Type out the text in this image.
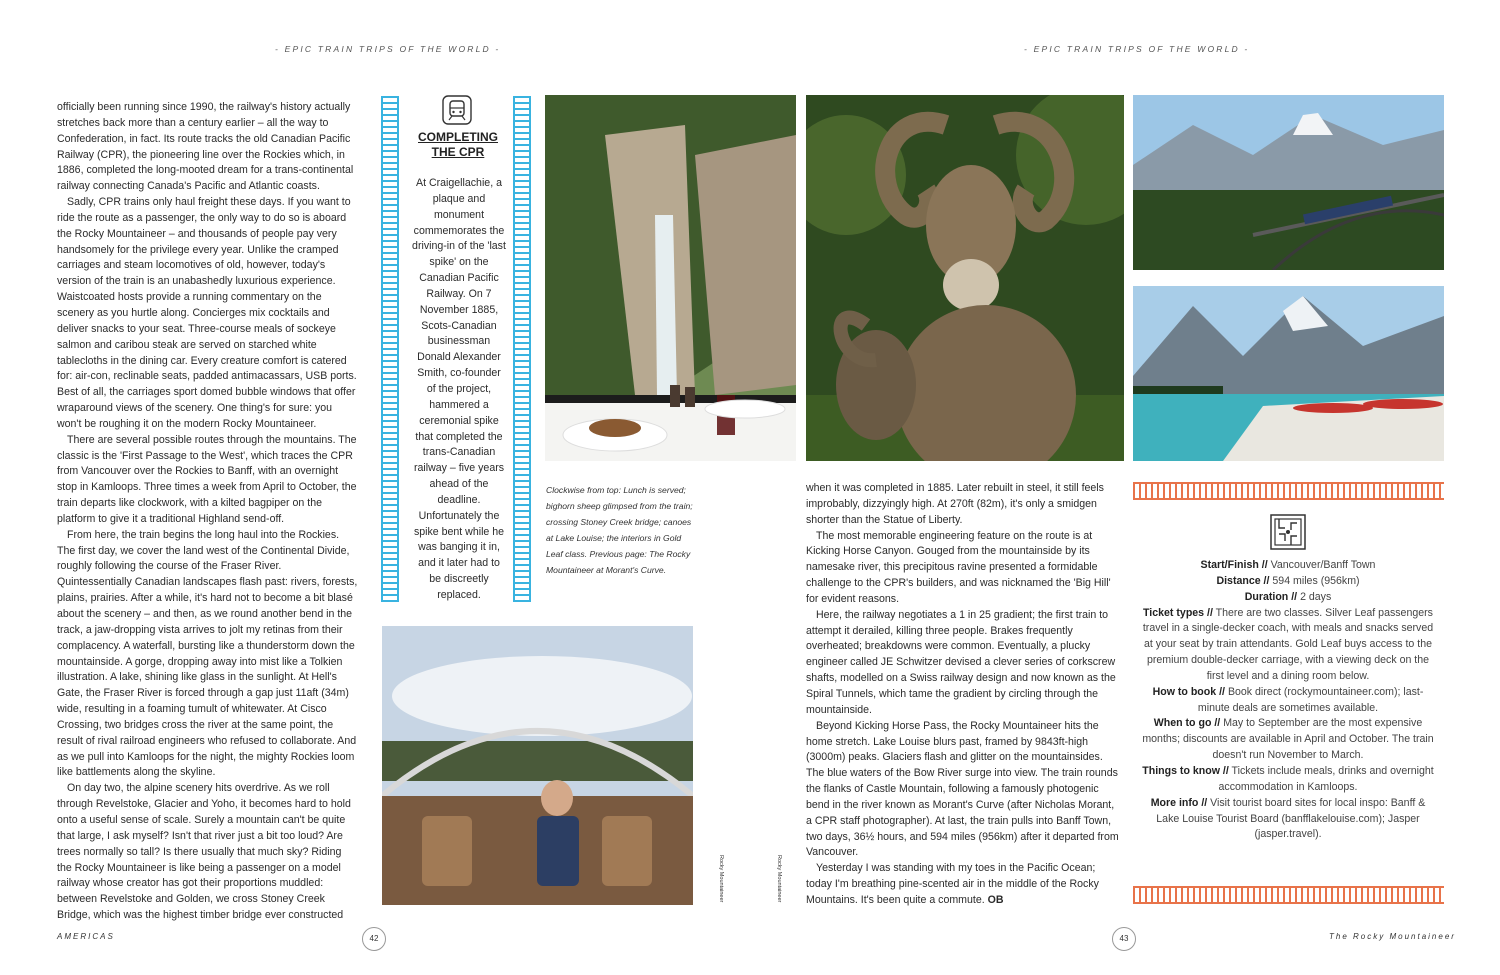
- EPIC TRAIN TRIPS OF THE WORLD -	- EPIC TRAIN TRIPS OF THE WORLD -

officially been running since 1990, the railway's history actually stretches back more than a century earlier – all the way to Confederation, in fact. Its route tracks the old Canadian Pacific Railway (CPR), the pioneering line over the Rockies which, in 1886, completed the long-mooted dream for a trans-continental railway connecting Canada's Pacific and Atlantic coasts.

Sadly, CPR trains only haul freight these days. If you want to ride the route as a passenger, the only way to do so is aboard the Rocky Mountaineer – and thousands of people pay very handsomely for the privilege every year. Unlike the cramped carriages and steam locomotives of old, however, today's version of the train is an unabashedly luxurious experience. Waistcoated hosts provide a running commentary on the scenery as you hurtle along. Concierges mix cocktails and deliver snacks to your seat. Three-course meals of sockeye salmon and caribou steak are served on starched white tablecloths in the dining car. Every creature comfort is catered for: air-con, reclinable seats, padded antimacassars, USB ports. Best of all, the carriages sport domed bubble windows that offer wraparound views of the scenery. One thing's for sure: you won't be roughing it on the modern Rocky Mountaineer.

There are several possible routes through the mountains. The classic is the 'First Passage to the West', which traces the CPR from Vancouver over the Rockies to Banff, with an overnight stop in Kamloops. Three times a week from April to October, the train departs like clockwork, with a kilted bagpiper on the platform to give it a traditional Highland send-off.

From here, the train begins the long haul into the Rockies. The first day, we cover the land west of the Continental Divide, roughly following the course of the Fraser River. Quintessentially Canadian landscapes flash past: rivers, forests, plains, prairies. After a while, it's hard not to become a bit blasé about the scenery – and then, as we round another bend in the track, a jaw-dropping vista arrives to jolt my retinas from their complacency. A waterfall, bursting like a thunderstorm down the mountainside. A gorge, dropping away into mist like a Tolkien illustration. A lake, shining like glass in the sunlight. At Hell's Gate, the Fraser River is forced through a gap just 11aft (34m) wide, resulting in a foaming tumult of whitewater. At Cisco Crossing, two bridges cross the river at the same point, the result of rival railroad engineers who refused to collaborate. And as we pull into Kamloops for the night, the mighty Rockies loom like battlements along the skyline.

On day two, the alpine scenery hits overdrive. As we roll through Revelstoke, Glacier and Yoho, it becomes hard to hold onto a useful sense of scale. Surely a mountain can't be quite that large, I ask myself? Isn't that river just a bit too loud? Are trees normally so tall? Is there usually that much sky? Riding the Rocky Mountaineer is like being a passenger on a model railway whose creator has got their proportions muddled: between Revelstoke and Golden, we cross Stoney Creek Bridge, which was the highest timber bridge ever constructed

COMPLETING THE CPR
At Craigellachie, a plaque and monument commemorates the driving-in of the 'last spike' on the Canadian Pacific Railway. On 7 November 1885, Scots-Canadian businessman Donald Alexander Smith, co-founder of the project, hammered a ceremonial spike that completed the trans-Canadian railway – five years ahead of the deadline. Unfortunately the spike bent while he was banging it in, and it later had to be discreetly replaced.
Clockwise from top: Lunch is served; bighorn sheep glimpsed from the train; crossing Stoney Creek bridge; canoes at Lake Louise; the interiors in Gold Leaf class. Previous page: The Rocky Mountaineer at Morant's Curve.
Rocky Mountaineer	Rocky Mountaineer

when it was completed in 1885. Later rebuilt in steel, it still feels improbably, dizzyingly high. At 270ft (82m), it's only a smidgen shorter than the Statue of Liberty.

The most memorable engineering feature on the route is at Kicking Horse Canyon. Gouged from the mountainside by its namesake river, this precipitous ravine presented a formidable challenge to the CPR's builders, and was nicknamed the 'Big Hill' for evident reasons.

Here, the railway negotiates a 1 in 25 gradient; the first train to attempt it derailed, killing three people. Brakes frequently overheated; breakdowns were common. Eventually, a plucky engineer called JE Schwitzer devised a clever series of corkscrew shafts, modelled on a Swiss railway design and now known as the Spiral Tunnels, which tame the gradient by circling through the mountainside.

Beyond Kicking Horse Pass, the Rocky Mountaineer hits the home stretch. Lake Louise blurs past, framed by 9843ft-high (3000m) peaks. Glaciers flash and glitter on the mountainsides. The blue waters of the Bow River surge into view. The train rounds the flanks of Castle Mountain, following a famously photogenic bend in the river known as Morant's Curve (after Nicholas Morant, a CPR staff photographer). At last, the train pulls into Banff Town, two days, 36½ hours, and 594 miles (956km) after it departed from Vancouver.

Yesterday I was standing with my toes in the Pacific Ocean; today I'm breathing pine-scented air in the middle of the Rocky Mountains. It's been quite a commute. OB

Start/Finish // Vancouver/Banff Town
Distance // 594 miles (956km)
Duration // 2 days
Ticket types // There are two classes. Silver Leaf passengers travel in a single-decker coach, with meals and snacks served at your seat by train attendants. Gold Leaf buys access to the premium double-decker carriage, with a viewing deck on the first level and a dining room below.
How to book // Book direct (rockymountaineer.com); last-minute deals are sometimes available.
When to go // May to September are the most expensive months; discounts are available in April and October. The train doesn't run November to March.
Things to know // Tickets include meals, drinks and overnight accommodation in Kamloops.
More info // Visit tourist board sites for local inspo: Banff & Lake Louise Tourist Board (banfflakelouise.com); Jasper (jasper.travel).
AMERICAS	42	43	The Rocky Mountaineer
